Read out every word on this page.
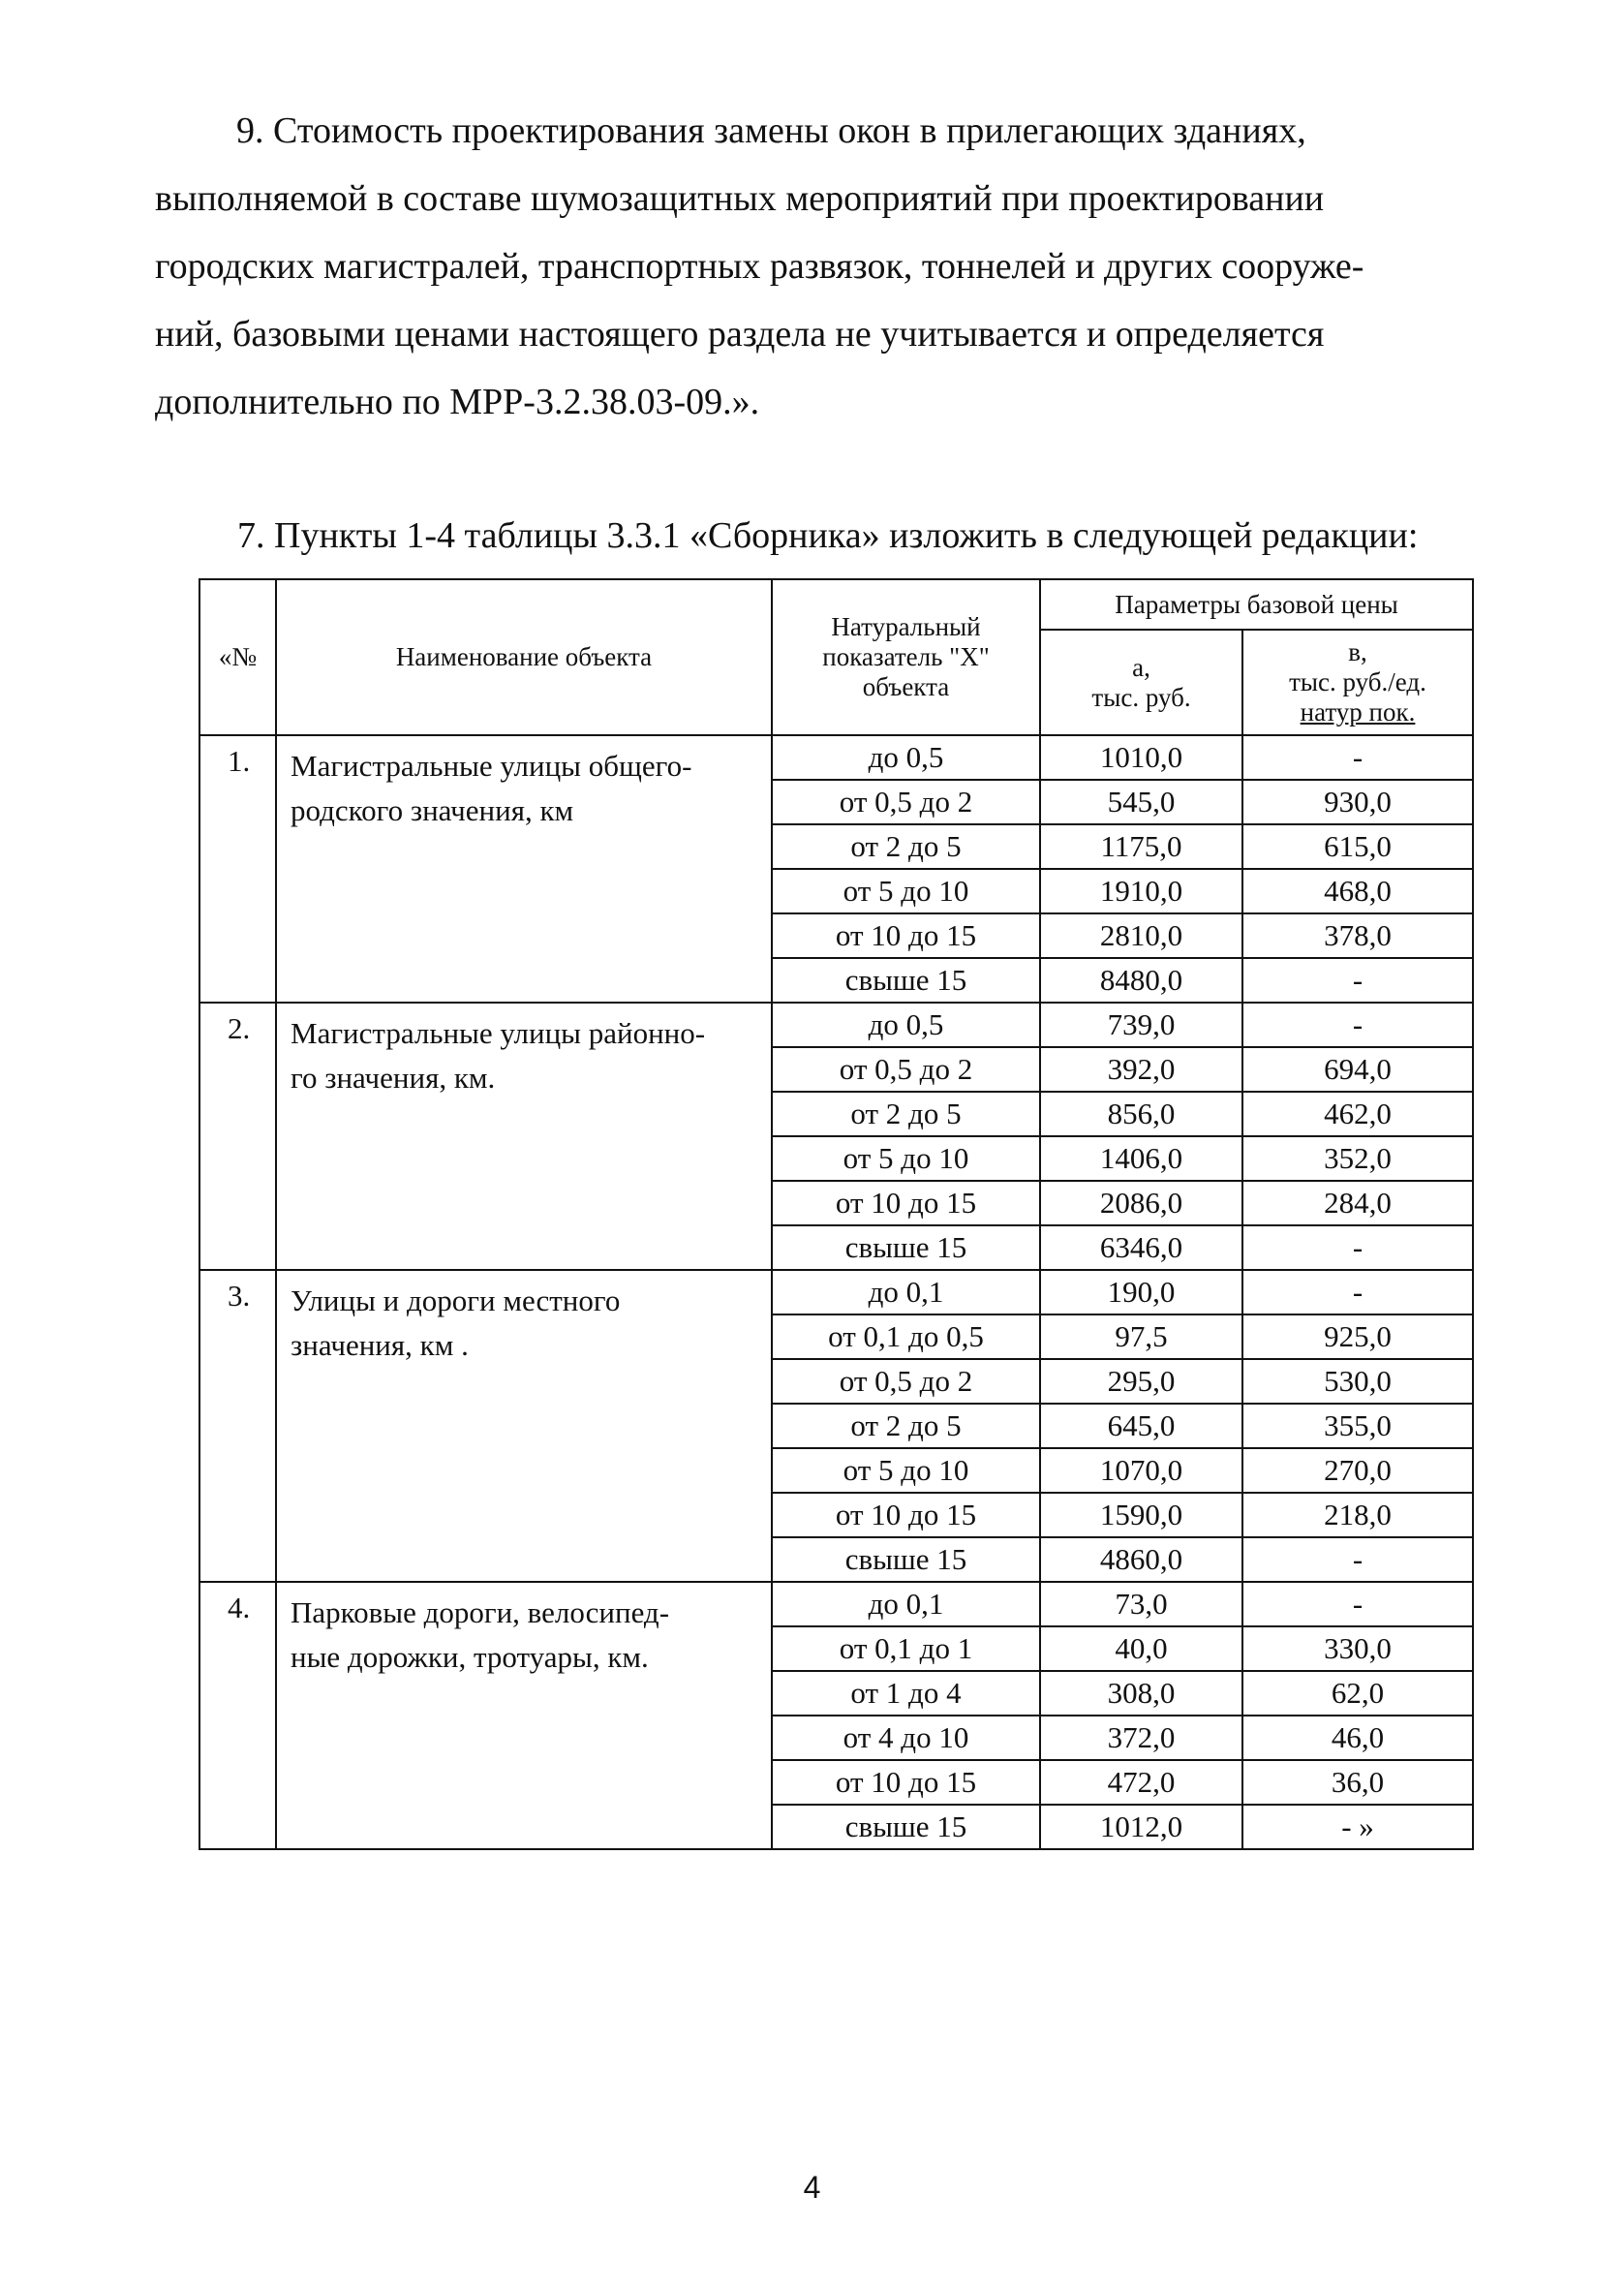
9. Стоимость проектирования замены окон в прилегающих зданиях,
выполняемой в составе шумозащитных мероприятий при проектировании
городских магистралей, транспортных развязок, тоннелей и других сооруже-
ний, базовыми ценами настоящего раздела не учитывается и определяется
дополнительно по МРР-3.2.38.03-09.».
7. Пункты 1-4 таблицы 3.3.1 «Сборника» изложить в следующей редакции:
«№	Наименование объекта	Натуральный
показатель "X"
объекта	Параметры базовой цены	

			а,
тыс. руб.	в,
тыс. руб./ед.
натур пок.

1.	Магистральные улицы общего-
родского значения, км	до 0,5	1010,0	-
		от 0,5 до 2	545,0	930,0
		от 2 до 5	1175,0	615,0
		от 5 до 10	1910,0	468,0
		от 10 до 15	2810,0	378,0
		свыше 15	8480,0	-
2.	Магистральные улицы районно-
го значения, км.	до 0,5	739,0	-
		от 0,5 до 2	392,0	694,0
		от 2 до 5	856,0	462,0
		от 5 до 10	1406,0	352,0
		от 10 до 15	2086,0	284,0
		свыше 15	6346,0	-
3.	Улицы и дороги местного
значения, км .	до 0,1	190,0	-
		от 0,1 до 0,5	97,5	925,0
		от 0,5 до 2	295,0	530,0
		от 2 до 5	645,0	355,0
		от 5 до 10	1070,0	270,0
		от 10 до 15	1590,0	218,0
		свыше 15	4860,0	-
4.	Парковые дороги, велосипед-
ные дорожки, тротуары, км.	до 0,1	73,0	-
		от 0,1 до 1	40,0	330,0
		от 1 до 4	308,0	62,0
		от 4 до 10	372,0	46,0
		от 10 до 15	472,0	36,0
		свыше 15	1012,0	- »
4
